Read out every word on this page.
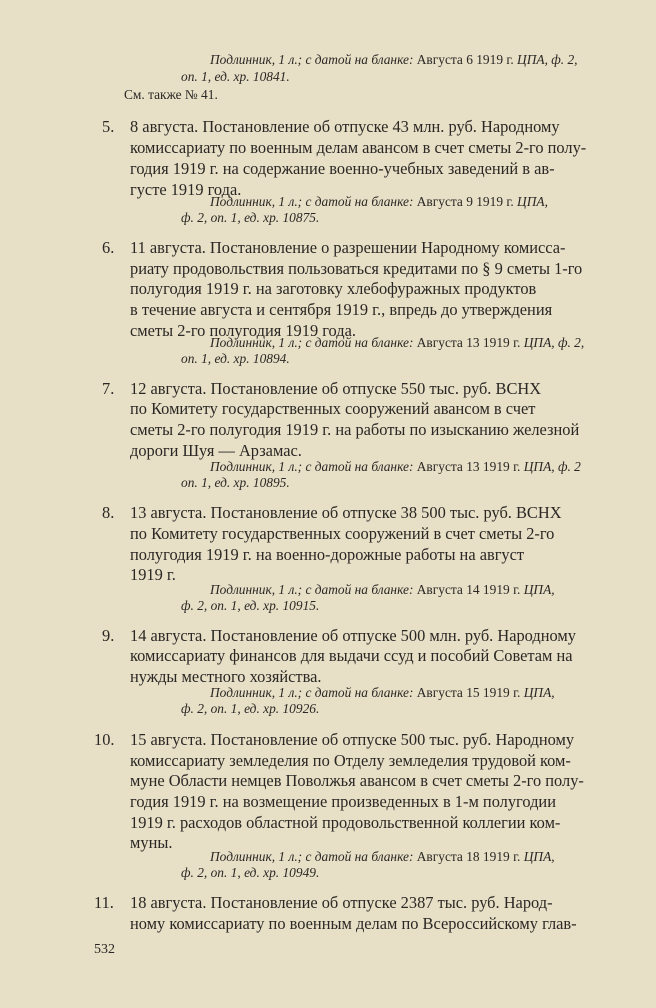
Подлинник, 1 л.; с датой на бланке: Августа 6 1919 г. ЦПА, ф. 2,
оп. 1, ед. хр. 10841.
См. также № 41.
5. 8 августа. Постановление об отпуске 43 млн. руб. Народному
комиссариату по военным делам авансом в счет сметы 2-го полу-
годия 1919 г. на содержание военно-учебных заведений в ав-
густе 1919 года.
Подлинник, 1 л.; с датой на бланке: Августа 9 1919 г. ЦПА,
ф. 2, оп. 1, ед. хр. 10875.
6. 11 августа. Постановление о разрешении Народному комисса-
риату продовольствия пользоваться кредитами по § 9 сметы 1-го
полугодия 1919 г. на заготовку хлебофуражных продуктов
в течение августа и сентября 1919 г., впредь до утверждения
сметы 2-го полугодия 1919 года.
Подлинник, 1 л.; с датой на бланке: Августа 13 1919 г. ЦПА, ф. 2,
оп. 1, ед. хр. 10894.
7. 12 августа. Постановление об отпуске 550 тыс. руб. ВСНХ
по Комитету государственных сооружений авансом в счет
сметы 2-го полугодия 1919 г. на работы по изысканию железной
дороги Шуя — Арзамас.
Подлинник, 1 л.; с датой на бланке: Августа 13 1919 г. ЦПА, ф. 2
оп. 1, ед. хр. 10895.
8. 13 августа. Постановление об отпуске 38 500 тыс. руб. ВСНХ
по Комитету государственных сооружений в счет сметы 2-го
полугодия 1919 г. на военно-дорожные работы на август
1919 г.
Подлинник, 1 л.; с датой на бланке: Августа 14 1919 г. ЦПА,
ф. 2, оп. 1, ед. хр. 10915.
9. 14 августа. Постановление об отпуске 500 млн. руб. Народному
комиссариату финансов для выдачи ссуд и пособий Советам на
нужды местного хозяйства.
Подлинник, 1 л.; с датой на бланке: Августа 15 1919 г. ЦПА,
ф. 2, оп. 1, ед. хр. 10926.
10. 15 августа. Постановление об отпуске 500 тыс. руб. Народному
комиссариату земледелия по Отделу земледелия трудовой ком-
муне Области немцев Поволжья авансом в счет сметы 2-го полу-
годия 1919 г. на возмещение произведенных в 1-м полугодии
1919 г. расходов областной продовольственной коллегии ком-
муны.
Подлинник, 1 л.; с датой на бланке: Августа 18 1919 г. ЦПА,
ф. 2, оп. 1, ед. хр. 10949.
11. 18 августа. Постановление об отпуске 2387 тыс. руб. Народ-
ному комиссариату по военным делам по Всероссийскому глав-
532
